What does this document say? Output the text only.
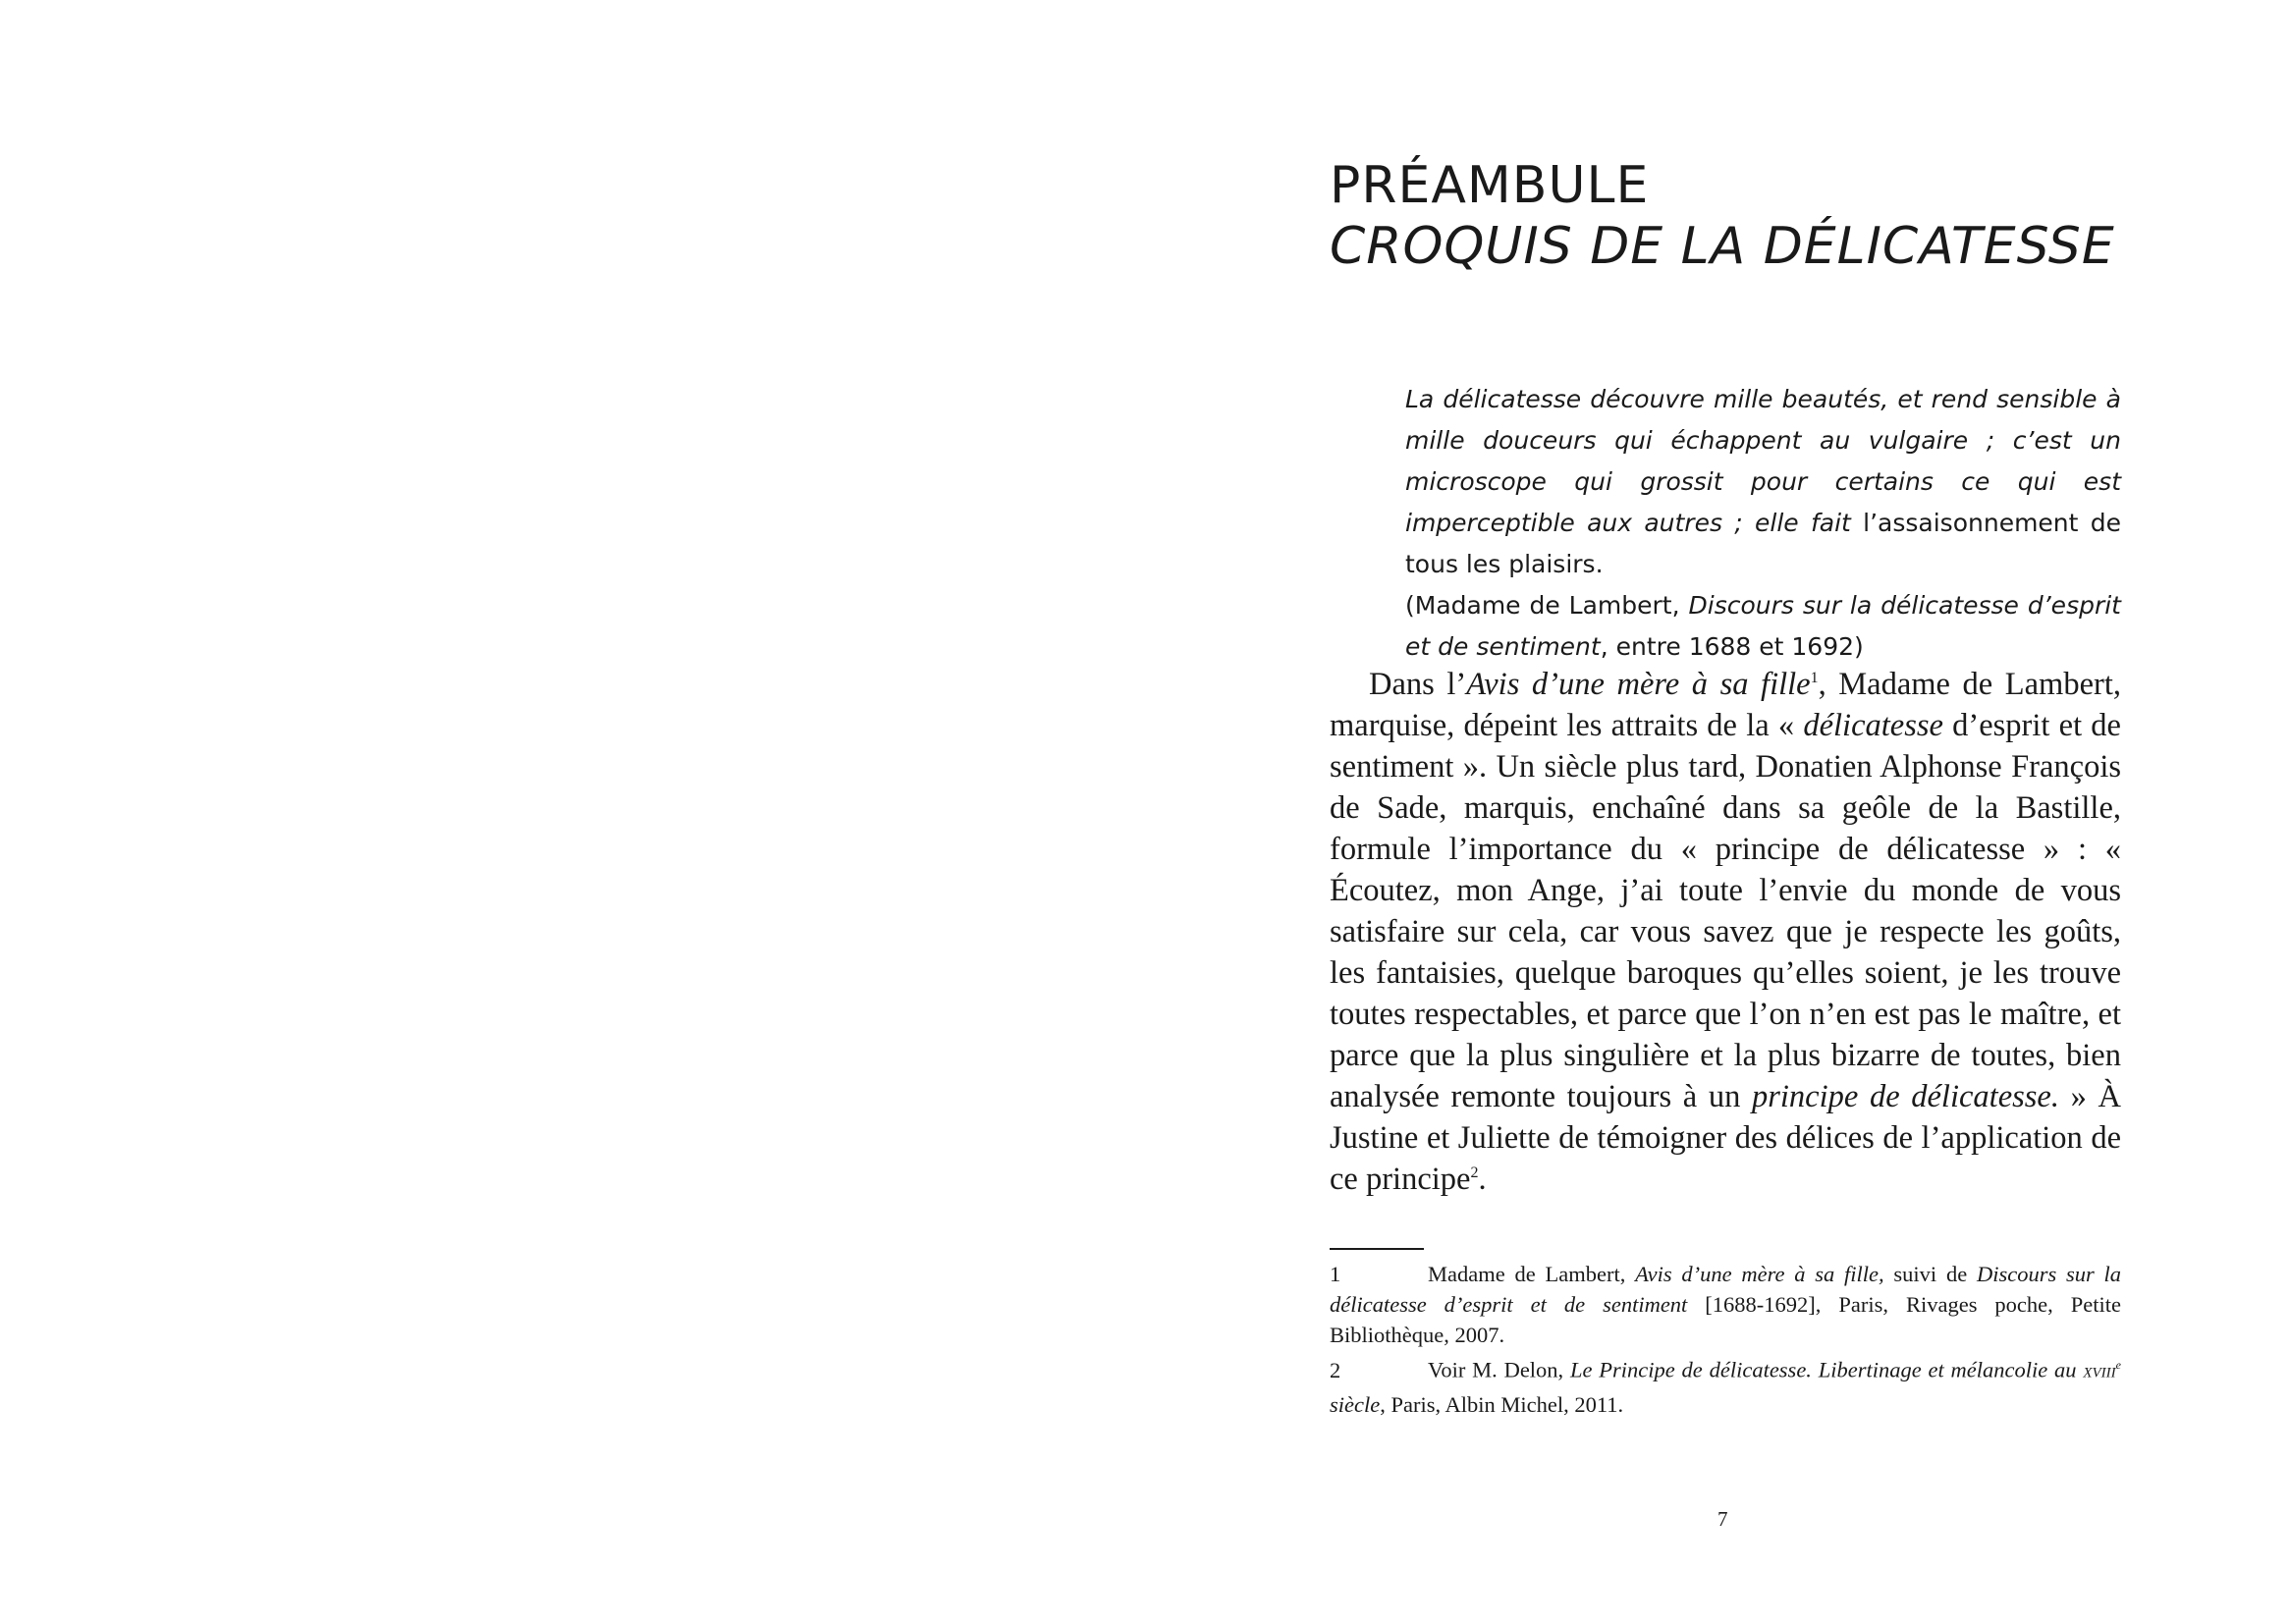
PRÉAMBULE
CROQUIS DE LA DÉLICATESSE
La délicatesse découvre mille beautés, et rend sensible à mille douceurs qui échappent au vulgaire ; c’est un microscope qui grossit pour certains ce qui est imperceptible aux autres ; elle fait l’assaisonnement de tous les plaisirs.
(Madame de Lambert, Discours sur la délicatesse d’esprit et de sentiment, entre 1688 et 1692)
Dans l’Avis d’une mère à sa fille$^1$, Madame de Lambert, marquise, dépeint les attraits de la « délicatesse d’esprit et de sentiment ». Un siècle plus tard, Donatien Alphonse François de Sade, marquis, enchaîné dans sa geôle de la Bastille, formule l’importance du « principe de délicatesse » : « Écoutez, mon Ange, j’ai toute l’envie du monde de vous satisfaire sur cela, car vous savez que je respecte les goûts, les fantaisies, quelque baroques qu’elles soient, je les trouve toutes respectables, et parce que l’on n’en est pas le maître, et parce que la plus singulière et la plus bizarre de toutes, bien analysée remonte toujours à un principe de délicatesse. » À Justine et Juliette de témoigner des délices de l’application de ce principe$^2$.

1	Madame de Lambert, Avis d’une mère à sa fille, suivi de Discours sur la délicatesse d’esprit et de sentiment [1688-1692], Paris, Rivages poche, Petite Bibliothèque, 2007.

2	Voir M. Delon, Le Principe de délicatesse. Libertinage et mélancolie au XVIIIe siècle, Paris, Albin Michel, 2011.

7
